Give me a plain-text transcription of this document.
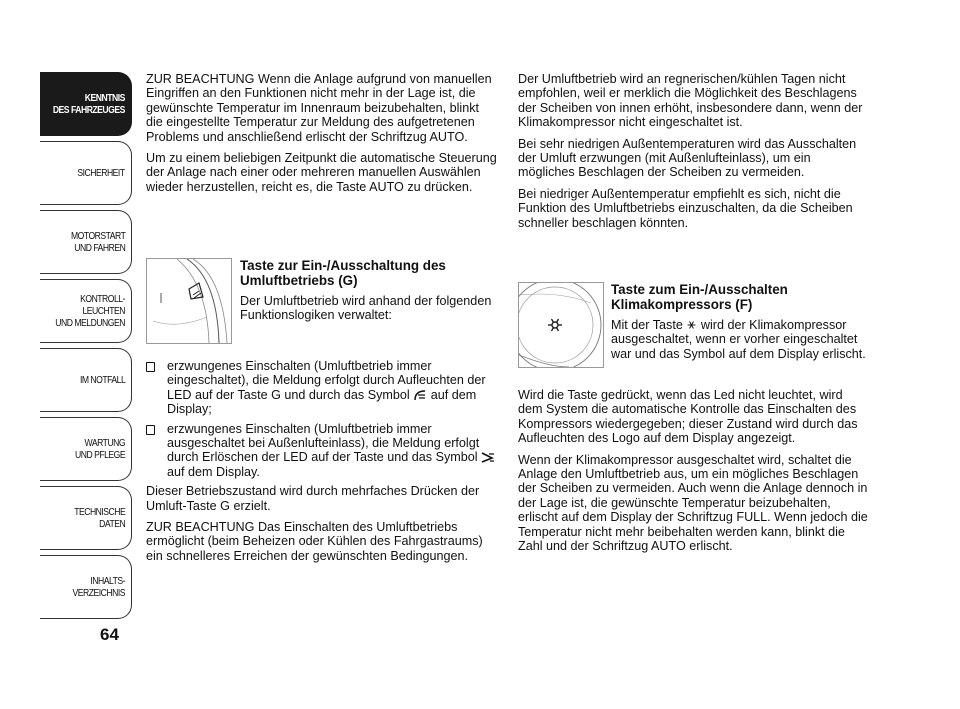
KENNTNIS
DES FAHRZEUGES
SICHERHEIT
MOTORSTART
UND FAHREN
KONTROLL-
LEUCHTEN
UND MELDUNGEN
IM NOTFALL
WARTUNG
UND PFLEGE
TECHNISCHE
DATEN
INHALTS-
VERZEICHNIS
64

ZUR BEACHTUNG Wenn die Anlage aufgrund von manuellen Eingriffen an den Funktionen nicht mehr in der Lage ist, die gewünschte Temperatur im Innenraum beizubehalten, blinkt die eingestellte Temperatur zur Meldung des aufgetretenen Problems und anschließend erlischt der Schriftzug AUTO.

Um zu einem beliebigen Zeitpunkt die automatische Steuerung der Anlage nach einer oder mehreren manuellen Auswählen wieder herzustellen, reicht es, die Taste AUTO zu drücken.

Taste zur Ein-/Ausschaltung des Umluftbetriebs (G)

Der Umluftbetrieb wird anhand der folgenden Funktionslogiken verwaltet:

erzwungenes Einschalten (Umluftbetrieb immer eingeschaltet), die Meldung erfolgt durch Aufleuchten der LED auf der Taste G und durch das Symbol auf dem Display;
erzwungenes Einschalten (Umluftbetrieb immer ausgeschaltet bei Außenlufteinlass), die Meldung erfolgt durch Erlöschen der LED auf der Taste und das Symbol  auf dem Display.

Dieser Betriebszustand wird durch mehrfaches Drücken der Umluft-Taste G erzielt.

ZUR BEACHTUNG Das Einschalten des Umluftbetriebs ermöglicht (beim Beheizen oder Kühlen des Fahrgastraums) ein schnelleres Erreichen der gewünschten Bedingungen.

Der Umluftbetrieb wird an regnerischen/kühlen Tagen nicht empfohlen, weil er merklich die Möglichkeit des Beschlagens der Scheiben von innen erhöht, insbesondere dann, wenn der Klimakompressor nicht eingeschaltet ist.

Bei sehr niedrigen Außentemperaturen wird das Ausschalten der Umluft erzwungen (mit Außenlufteinlass), um ein mögliches Beschlagen der Scheiben zu vermeiden.

Bei niedriger Außentemperatur empfiehlt es sich, nicht die Funktion des Umluftbetriebs einzuschalten, da die Scheiben schneller beschlagen könnten.

Taste zum Ein-/Ausschalten Klimakompressors (F)

Mit der Taste wird der Klimakompressor ausgeschaltet, wenn er vorher eingeschaltet war und das Symbol auf dem Display erlischt.

Wird die Taste gedrückt, wenn das Led nicht leuchtet, wird dem System die automatische Kontrolle das Einschalten des Kompressors wiedergegeben; dieser Zustand wird durch das Aufleuchten des Logo auf dem Display angezeigt.

Wenn der Klimakompressor ausgeschaltet wird, schaltet die Anlage den Umluftbetrieb aus, um ein mögliches Beschlagen der Scheiben zu vermeiden. Auch wenn die Anlage dennoch in der Lage ist, die gewünschte Temperatur beizubehalten, erlischt auf dem Display der Schriftzug FULL. Wenn jedoch die Temperatur nicht mehr beibehalten werden kann, blinkt die Zahl und der Schriftzug AUTO erlischt.
